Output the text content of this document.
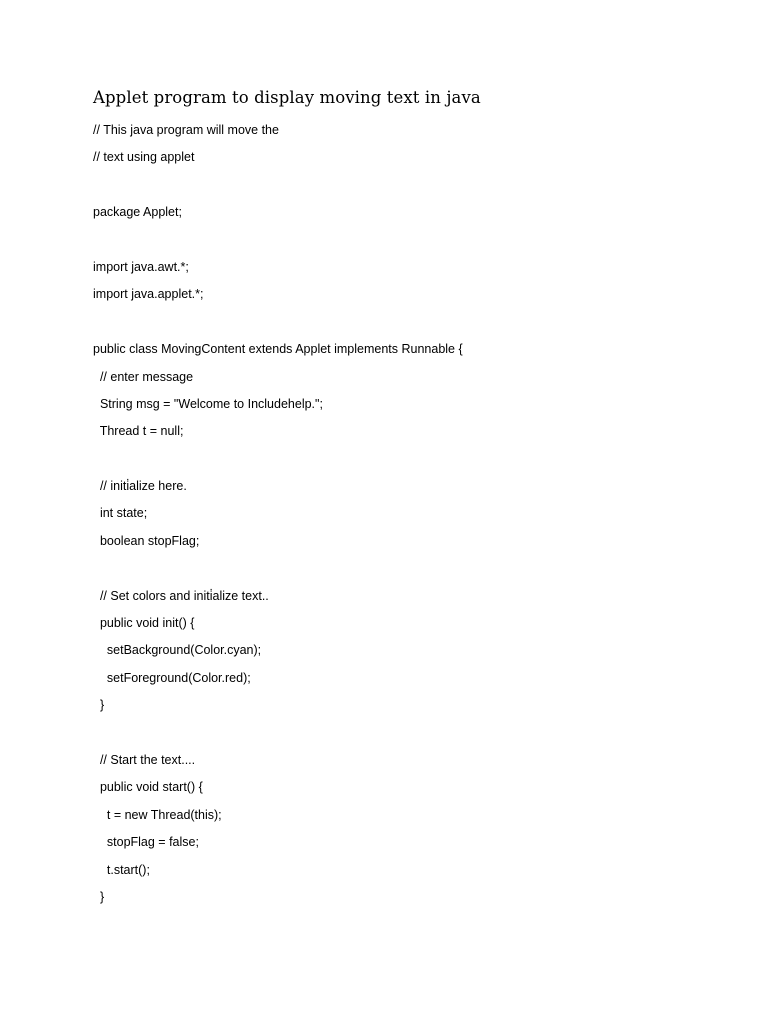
Applet program to display moving text in java
// This java program will move the
// text using applet
package Applet;
import java.awt.*;
import java.applet.*;
public class MovingContent extends Applet implements Runnable {
// enter message
String msg = "Welcome to Includehelp.";
Thread t = null;
// initi̇alize here.
int state;
boolean stopFlag;
// Set colors and initi̇alize text..
public void init() {
setBackground(Color.cyan);
setForeground(Color.red);
}
// Start the text....
public void start() {
t = new Thread(this);
stopFlag = false;
t.start();
}
